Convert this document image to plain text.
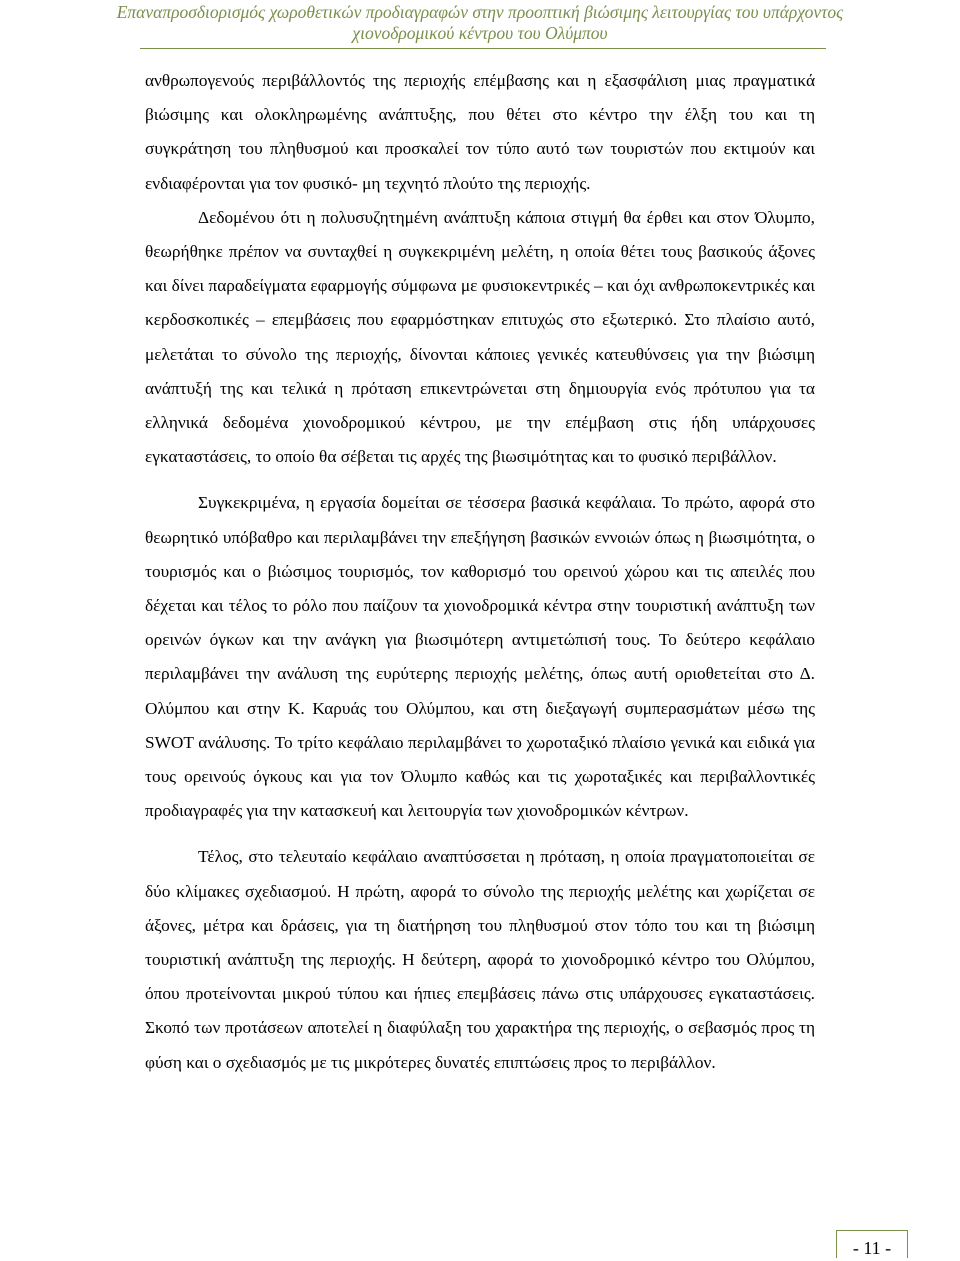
Επαναπροσδιορισμός χωροθετικών προδιαγραφών στην προοπτική βιώσιμης λειτουργίας του υπάρχοντος χιονοδρομικού κέντρου του Ολύμπου

ανθρωπογενούς περιβάλλοντός της περιοχής επέμβασης και η εξασφάλιση μιας πραγματικά βιώσιμης και ολοκληρωμένης ανάπτυξης, που θέτει στο κέντρο την έλξη του και τη συγκράτηση του πληθυσμού και προσκαλεί τον τύπο αυτό των τουριστών που εκτιμούν και ενδιαφέρονται για τον φυσικό- μη τεχνητό πλούτο της περιοχής.

Δεδομένου ότι η πολυσυζητημένη ανάπτυξη κάποια στιγμή θα έρθει και στον Όλυμπο, θεωρήθηκε πρέπον να συνταχθεί η συγκεκριμένη μελέτη, η οποία θέτει τους βασικούς άξονες και δίνει παραδείγματα εφαρμογής σύμφωνα με φυσιοκεντρικές – και όχι ανθρωποκεντρικές και κερδοσκοπικές – επεμβάσεις που εφαρμόστηκαν επιτυχώς στο εξωτερικό. Στο πλαίσιο αυτό, μελετάται το σύνολο της περιοχής, δίνονται κάποιες γενικές κατευθύνσεις για την βιώσιμη ανάπτυξή της και τελικά η πρόταση επικεντρώνεται στη δημιουργία ενός πρότυπου για τα ελληνικά δεδομένα χιονοδρομικού κέντρου, με την επέμβαση στις ήδη υπάρχουσες εγκαταστάσεις, το οποίο θα σέβεται τις αρχές της βιωσιμότητας και το φυσικό περιβάλλον.

Συγκεκριμένα, η εργασία δομείται σε τέσσερα βασικά κεφάλαια. Το πρώτο, αφορά στο θεωρητικό υπόβαθρο και περιλαμβάνει την επεξήγηση βασικών εννοιών όπως η βιωσιμότητα, ο τουρισμός και ο βιώσιμος τουρισμός, τον καθορισμό του ορεινού χώρου και τις απειλές που δέχεται και τέλος το ρόλο που παίζουν τα χιονοδρομικά κέντρα στην τουριστική ανάπτυξη των ορεινών όγκων και την ανάγκη για βιωσιμότερη αντιμετώπισή τους. Το δεύτερο κεφάλαιο περιλαμβάνει την ανάλυση της ευρύτερης περιοχής μελέτης, όπως αυτή οριοθετείται στο Δ. Ολύμπου και στην Κ. Καρυάς του Ολύμπου, και στη διεξαγωγή συμπερασμάτων μέσω της SWOT ανάλυσης. Το τρίτο κεφάλαιο περιλαμβάνει το χωροταξικό πλαίσιο γενικά και ειδικά για τους ορεινούς όγκους και για τον Όλυμπο καθώς και τις χωροταξικές και περιβαλλοντικές προδιαγραφές για την κατασκευή και λειτουργία των χιονοδρομικών κέντρων.

Τέλος, στο τελευταίο κεφάλαιο αναπτύσσεται η πρόταση, η οποία πραγματοποιείται σε δύο κλίμακες σχεδιασμού. Η πρώτη, αφορά το σύνολο της περιοχής μελέτης και χωρίζεται σε άξονες, μέτρα και δράσεις, για τη διατήρηση του πληθυσμού στον τόπο του και τη βιώσιμη τουριστική ανάπτυξη της περιοχής. Η δεύτερη, αφορά το χιονοδρομικό κέντρο του Ολύμπου, όπου προτείνονται μικρού τύπου και ήπιες επεμβάσεις πάνω στις υπάρχουσες εγκαταστάσεις. Σκοπό των προτάσεων αποτελεί η διαφύλαξη του χαρακτήρα της περιοχής, ο σεβασμός προς τη φύση και ο σχεδιασμός με τις μικρότερες δυνατές επιπτώσεις προς το περιβάλλον.

- 11 -
